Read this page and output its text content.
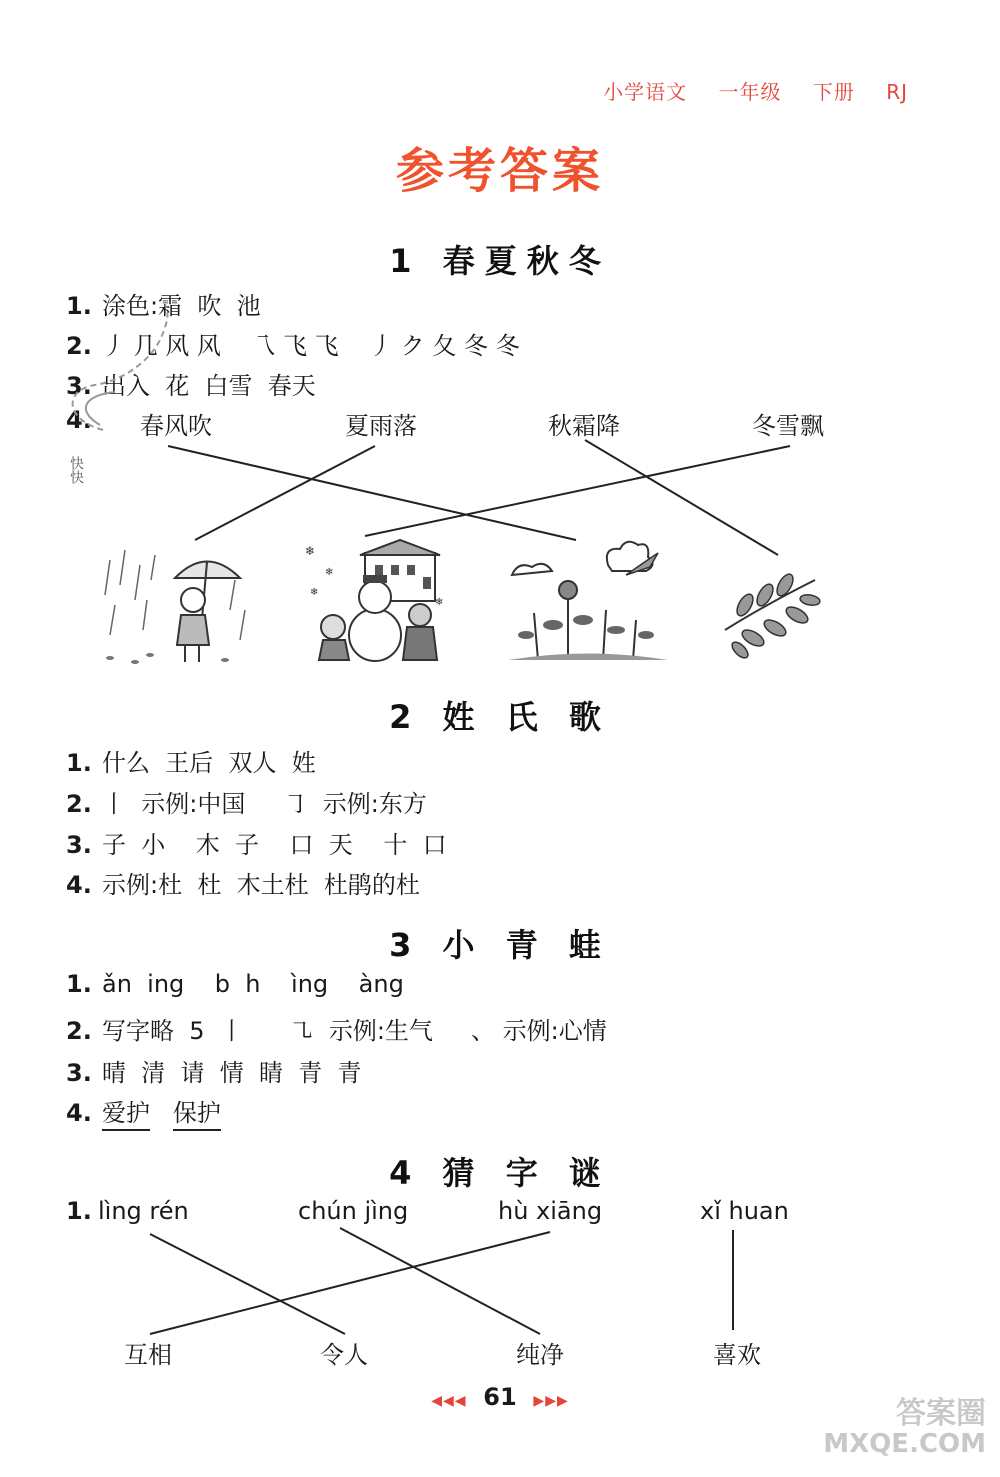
小学语文 一年级 下册 RJ
参考答案
1 春夏秋冬
1. 涂色:霜  吹  池
2. 丿 几 风 风    乁 飞 飞    丿 ク 夂 冬 冬
3. 出入  花  白雪  春天
4.	春风吹	夏雨落	秋霜降	冬雪飘
快快
❄
❄
❄
❄
2 姓 氏 歌
1. 什么  王后  双人  姓
2. 丨  示例:中国     ㇆  示例:东方
3. 子  小    木  子    口  天    十  口
4. 示例:杜  杜  木土杜  杜鹃的杜
3 小 青 蛙
1. ǎn  ing    b  h    ìng    àng
2. 写字略  5  丨      ㇈  示例:生气     、 示例:心情
3. 晴  清  请  情  睛  青  青
4. 爱护 保护
4 猜 字 谜
1. lìng rén	chún jìng	hù xiāng	xǐ huan
互相	令人	纯净	喜欢
◀◀◀ 61 ▶▶▶	答案圈
MXQE.COM
